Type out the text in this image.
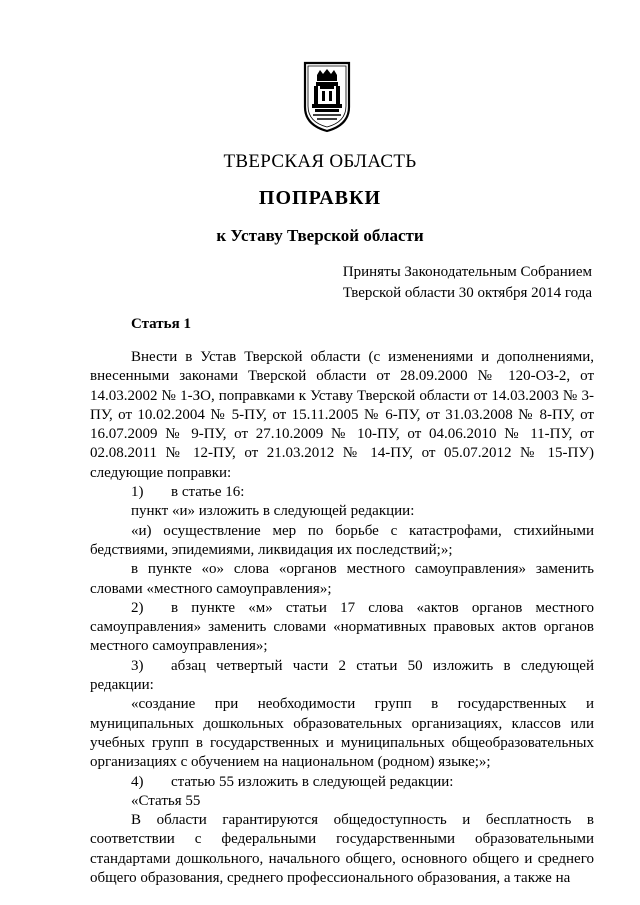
ТВЕРСКАЯ ОБЛАСТЬ
ПОПРАВКИ
к Уставу Тверской области
Приняты Законодательным Собранием
Тверской области 30 октября 2014 года
Статья 1

Внести в Устав Тверской области (с изменениями и дополнениями, внесенными законами Тверской области от 28.09.2000 № 120-ОЗ-2, от 14.03.2002 № 1-ЗО, поправками к Уставу Тверской области от 14.03.2003 № 3-ПУ, от 10.02.2004 № 5-ПУ, от 15.11.2005 № 6-ПУ, от 31.03.2008 № 8-ПУ, от 16.07.2009 № 9-ПУ, от 27.10.2009 № 10-ПУ, от 04.06.2010 № 11-ПУ, от 02.08.2011 № 12-ПУ, от 21.03.2012 № 14-ПУ, от 05.07.2012 № 15-ПУ) следующие поправки:

1) в статье 16:

пункт «и» изложить в следующей редакции:

«и) осуществление мер по борьбе с катастрофами, стихийными бедствиями, эпидемиями, ликвидация их последствий;»;

в пункте «о» слова «органов местного самоуправления» заменить словами «местного самоуправления»;

2) в пункте «м» статьи 17 слова «актов органов местного самоуправления» заменить словами «нормативных правовых актов органов местного самоуправления»;

3) абзац четвертый части 2 статьи 50 изложить в следующей редакции:

«создание при необходимости групп в государственных и муниципальных дошкольных образовательных организациях, классов или учебных групп в государственных и муниципальных общеобразовательных организациях с обучением на национальном (родном) языке;»;

4) статью 55 изложить в следующей редакции:

«Статья 55

В области гарантируются общедоступность и бесплатность в соответствии с федеральными государственными образовательными стандартами дошкольного, начального общего, основного общего и среднего общего образования, среднего профессионального образования, а также на
